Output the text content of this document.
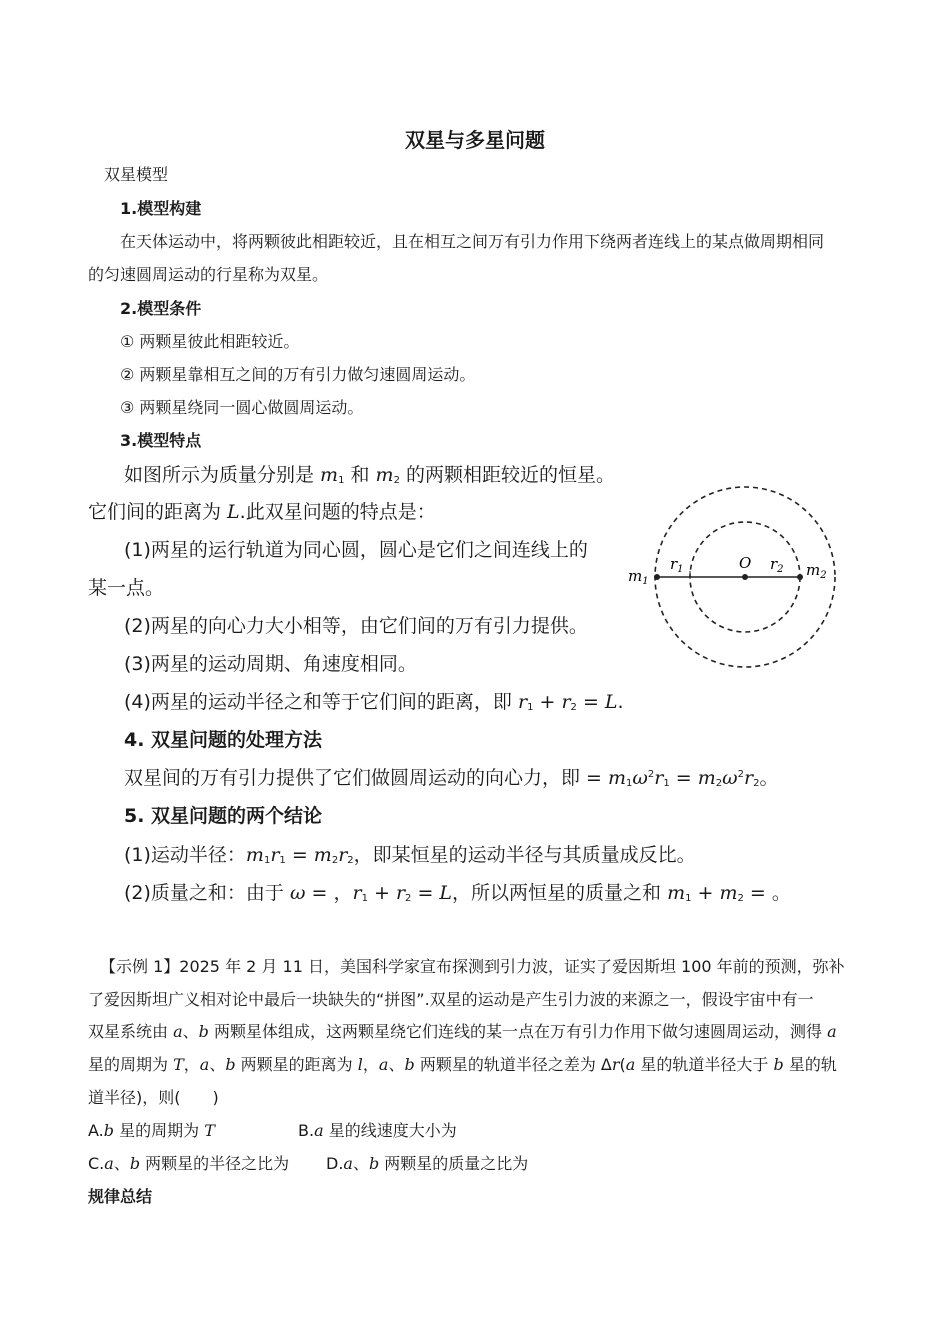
双星与多星问题
双星模型
1.模型构建
在天体运动中，将两颗彼此相距较近，且在相互之间万有引力作用下绕两者连线上的某点做周期相同
的匀速圆周运动的行星称为双星。
2.模型条件
① 两颗星彼此相距较近。
② 两颗星靠相互之间的万有引力做匀速圆周运动。
③ 两颗星绕同一圆心做圆周运动。
3.模型特点
如图所示为质量分别是 $m_1$ 和 $m_2$ 的两颗相距较近的恒星。
它们间的距离为 L.此双星问题的特点是：
(1)两星的运行轨道为同心圆，圆心是它们之间连线上的
某一点。
(2)两星的向心力大小相等，由它们间的万有引力提供。
(3)两星的运动周期、角速度相同。
(4)两星的运动半径之和等于它们间的距离，即 $r_1 + r_2 = L$.
$m_1$
$r_1$	O $r_2$ $m_2$
4. 双星问题的处理方法
双星间的万有引力提供了它们做圆周运动的向心力，即 = $m_1\omega^2r_1 = m_2\omega^2r_2$。
5. 双星问题的两个结论
(1)运动半径：$m_1r_1 = m_2r_2$，即某恒星的运动半径与其质量成反比。
(2)质量之和：由于 ω = ，$r_1 + r_2 = L$，所以两恒星的质量之和 $m_1 + m_2$ = 。
【示例 1】2025 年 2 月 11 日，美国科学家宣布探测到引力波，证实了爱因斯坦 100 年前的预测，弥补
了爱因斯坦广义相对论中最后一块缺失的“拼图”.双星的运动是产生引力波的来源之一，假设宇宙中有一
双星系统由 a、b 两颗星体组成，这两颗星绕它们连线的某一点在万有引力作用下做匀速圆周运动，测得 a
星的周期为 T，a、b 两颗星的距离为 l，a、b 两颗星的轨道半径之差为 Δr(a 星的轨道半径大于 b 星的轨
道半径)，则(　　)
A.b 星的周期为 T	B.a 星的线速度大小为
C.a、b 两颗星的半径之比为 D.a、b 两颗星的质量之比为
规律总结
